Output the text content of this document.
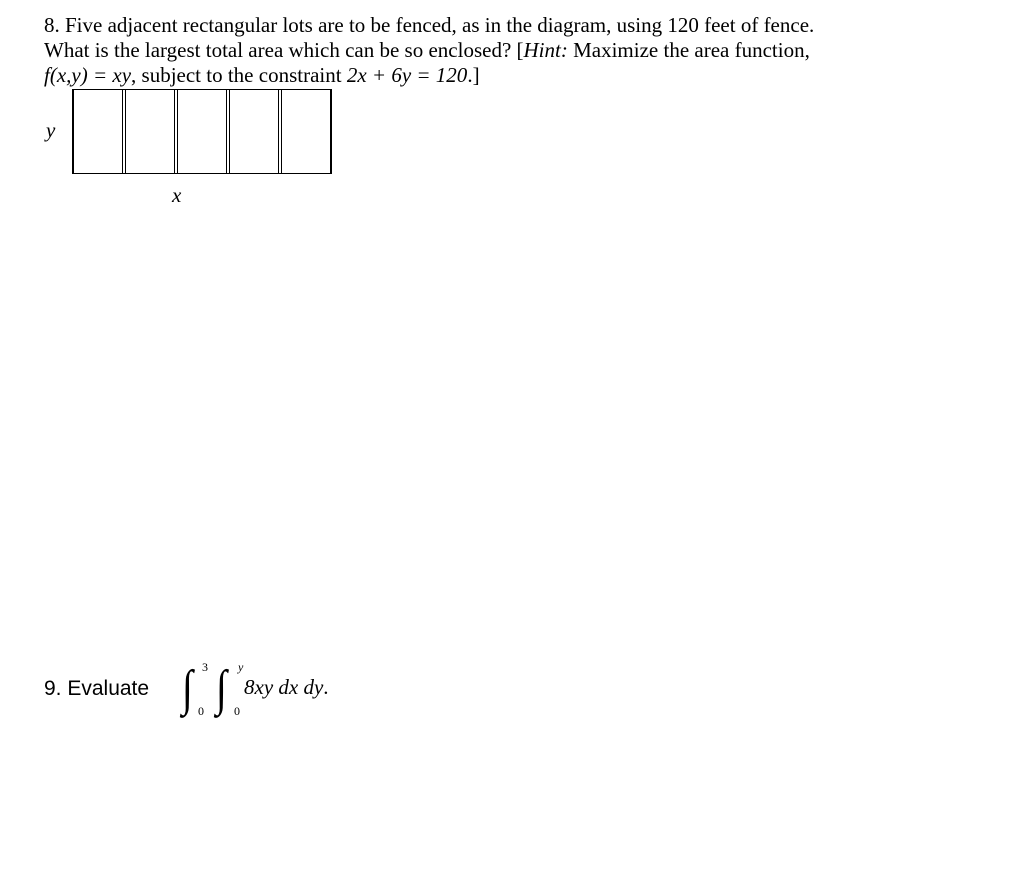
8. Five adjacent rectangular lots are to be fenced, as in the diagram, using 120 feet of fence.
What is the largest total area which can be so enclosed? [Hint: Maximize the area function,
f(x,y) = xy, subject to the constraint 2x + 6y = 120.]
y
x
9. Evaluate ∫ 3
0 ∫ y
0
8xy dx dy.
